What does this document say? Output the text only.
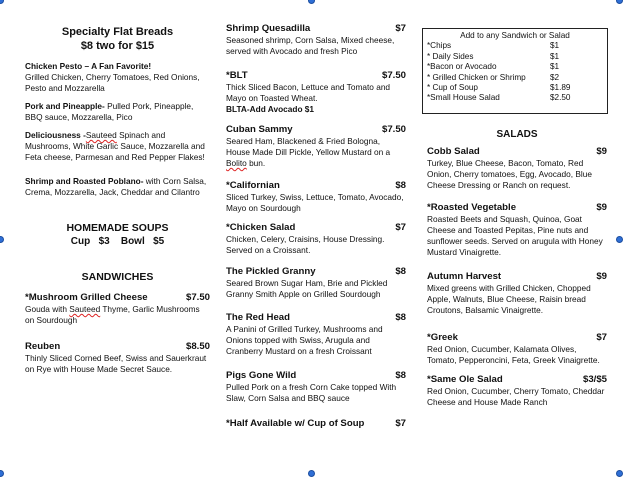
Specialty Flat Breads
$8 two for $15
Chicken Pesto – A Fan Favorite!
Grilled Chicken, Cherry Tomatoes, Red Onions, Pesto and Mozzarella
Pork and Pineapple- Pulled Pork, Pineapple, BBQ sauce, Mozzarella, Pico
Deliciousness -Sauteed Spinach and Mushrooms, White Garlic Sauce, Mozzarella and Feta cheese, Parmesan and Red Pepper Flakes!
Shrimp and Roasted Poblano- with Corn Salsa, Crema, Mozzarella, Jack, Cheddar and Cilantro
HOMEMADE SOUPS
Cup $3 Bowl $5
SANDWICHES
*Mushroom Grilled Cheese	$7.50
Gouda with Sauteed Thyme, Garlic Mushrooms on Sourdough
Reuben	$8.50
Thinly Sliced Corned Beef, Swiss and Sauerkraut on Rye with House Made Secret Sauce.
Shrimp Quesadilla	$7
Seasoned shrimp, Corn Salsa, Mixed cheese, served with Avocado and fresh Pico
*BLT	$7.50
Thick Sliced Bacon, Lettuce and Tomato and Mayo on Toasted Wheat.
BLTA-Add Avocado $1
Cuban Sammy	$7.50
Seared Ham, Blackened & Fried Bologna, House Made Dill Pickle, Yellow Mustard on a Bolito bun.
*Californian	$8
Sliced Turkey, Swiss, Lettuce, Tomato, Avocado, Mayo on Sourdough
*Chicken Salad	$7
Chicken, Celery, Craisins, House Dressing. Served on a Croissant.
The Pickled Granny	$8
Seared Brown Sugar Ham, Brie and Pickled Granny Smith Apple on Grilled Sourdough
The Red Head	$8
A Panini of Grilled Turkey, Mushrooms and Onions topped with Swiss, Arugula and Cranberry Mustard on a fresh Croissant
Pigs Gone Wild	$8
Pulled Pork on a fresh Corn Cake topped With Slaw, Corn Salsa and BBQ sauce
*Half Available w/ Cup of Soup	$7
Add to any Sandwich or Salad
*Chips	$1
* Daily Sides	$1
*Bacon or Avocado	$1
* Grilled Chicken or Shrimp	$2
* Cup of Soup	$1.89
*Small House Salad	$2.50
SALADS
Cobb Salad	$9
Turkey, Blue Cheese, Bacon, Tomato, Red Onion, Cherry tomatoes, Egg, Avocado, Blue Cheese Dressing or Ranch on request.
*Roasted Vegetable	$9
Roasted Beets and Squash, Quinoa, Goat Cheese and Toasted Pepitas, Pine nuts and sunflower seeds. Served on arugula with Honey Mustard Vinaigrette.
Autumn Harvest	$9
Mixed greens with Grilled Chicken, Chopped Apple, Walnuts, Blue Cheese, Raisin bread Croutons, Balsamic Vinaigrette.
*Greek	$7
Red Onion, Cucumber, Kalamata Olives, Tomato, Pepperoncini, Feta, Greek Vinaigrette.
*Same Ole Salad	$3/$5
Red Onion, Cucumber, Cherry Tomato, Cheddar Cheese and House Made Ranch
